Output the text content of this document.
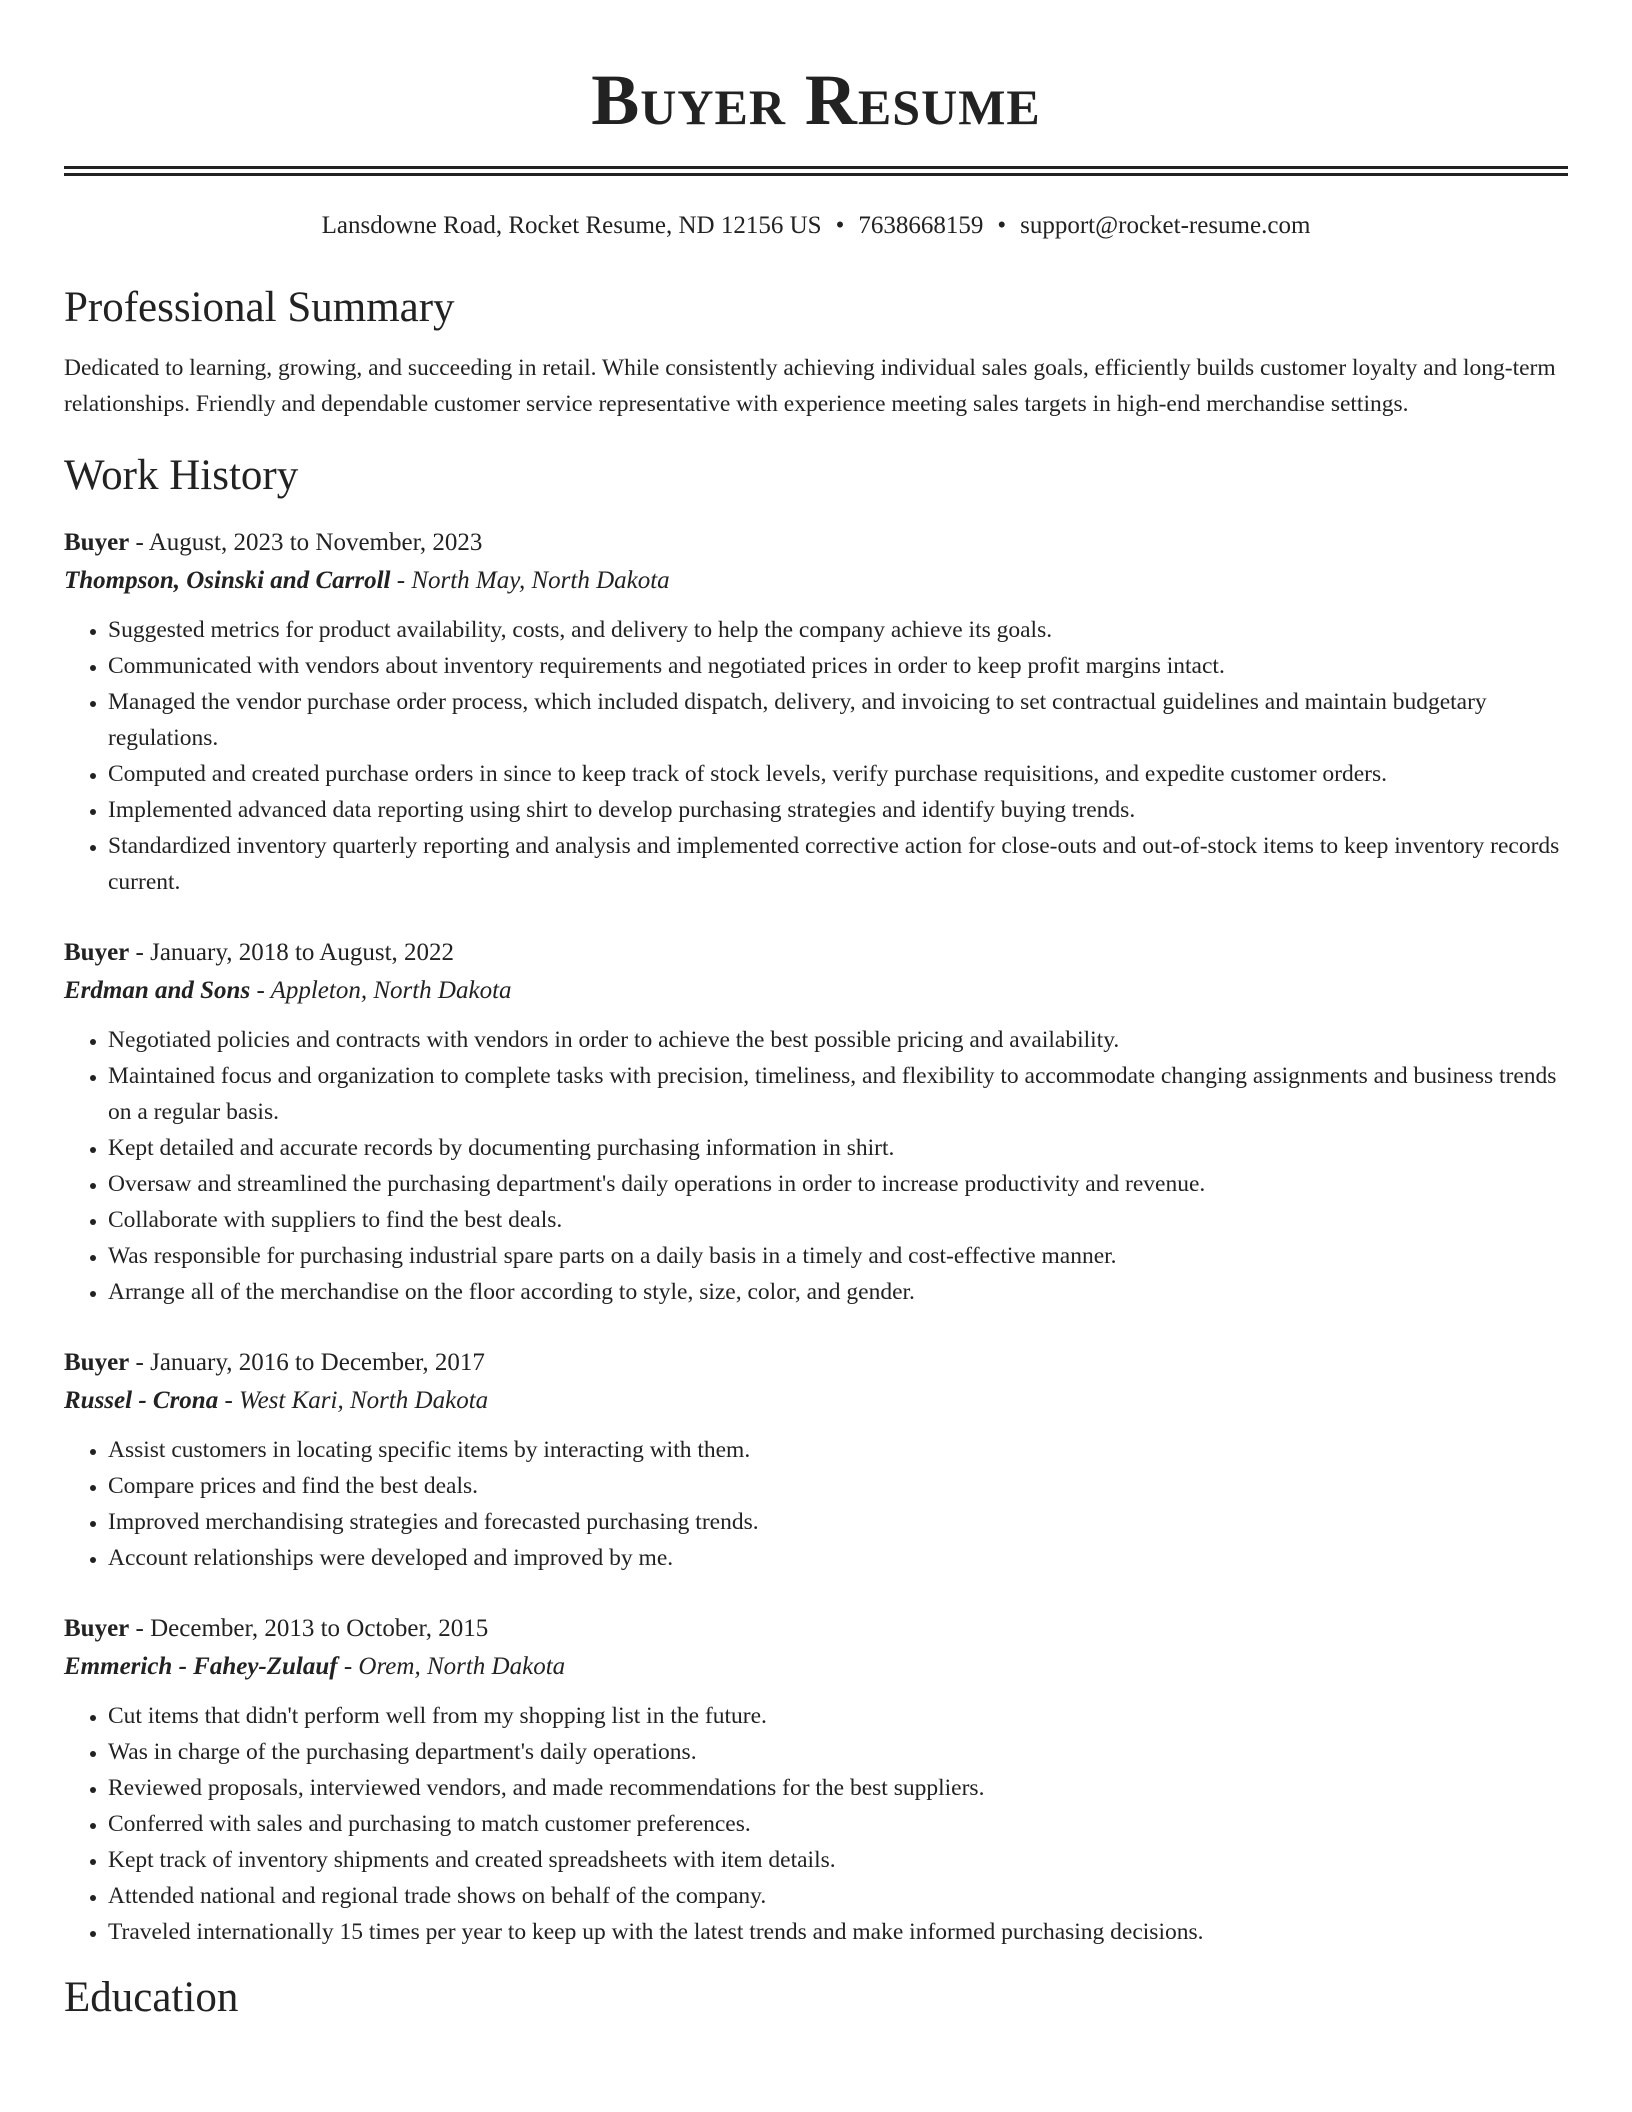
Buyer Resume
Lansdowne Road, Rocket Resume, ND 12156 US • 7638668159 • support@rocket-resume.com
Professional Summary

Dedicated to learning, growing, and succeeding in retail. While consistently achieving individual sales goals, efficiently builds customer loyalty and long-term relationships. Friendly and dependable customer service representative with experience meeting sales targets in high-end merchandise settings.

Work History
Buyer - August, 2023 to November, 2023
Thompson, Osinski and Carroll - North May, North Dakota
• Suggested metrics for product availability, costs, and delivery to help the company achieve its goals.
• Communicated with vendors about inventory requirements and negotiated prices in order to keep profit margins intact.
• Managed the vendor purchase order process, which included dispatch, delivery, and invoicing to set contractual guidelines and maintain budgetary regulations.
• Computed and created purchase orders in since to keep track of stock levels, verify purchase requisitions, and expedite customer orders.
• Implemented advanced data reporting using shirt to develop purchasing strategies and identify buying trends.
• Standardized inventory quarterly reporting and analysis and implemented corrective action for close-outs and out-of-stock items to keep inventory records current.
Buyer - January, 2018 to August, 2022
Erdman and Sons - Appleton, North Dakota
• Negotiated policies and contracts with vendors in order to achieve the best possible pricing and availability.
• Maintained focus and organization to complete tasks with precision, timeliness, and flexibility to accommodate changing assignments and business trends on a regular basis.
• Kept detailed and accurate records by documenting purchasing information in shirt.
• Oversaw and streamlined the purchasing department's daily operations in order to increase productivity and revenue.
• Collaborate with suppliers to find the best deals.
• Was responsible for purchasing industrial spare parts on a daily basis in a timely and cost-effective manner.
• Arrange all of the merchandise on the floor according to style, size, color, and gender.
Buyer - January, 2016 to December, 2017
Russel - Crona - West Kari, North Dakota
• Assist customers in locating specific items by interacting with them.
• Compare prices and find the best deals.
• Improved merchandising strategies and forecasted purchasing trends.
• Account relationships were developed and improved by me.
Buyer - December, 2013 to October, 2015
Emmerich - Fahey-Zulauf - Orem, North Dakota
• Cut items that didn't perform well from my shopping list in the future.
• Was in charge of the purchasing department's daily operations.
• Reviewed proposals, interviewed vendors, and made recommendations for the best suppliers.
• Conferred with sales and purchasing to match customer preferences.
• Kept track of inventory shipments and created spreadsheets with item details.
• Attended national and regional trade shows on behalf of the company.
• Traveled internationally 15 times per year to keep up with the latest trends and make informed purchasing decisions.
Education
